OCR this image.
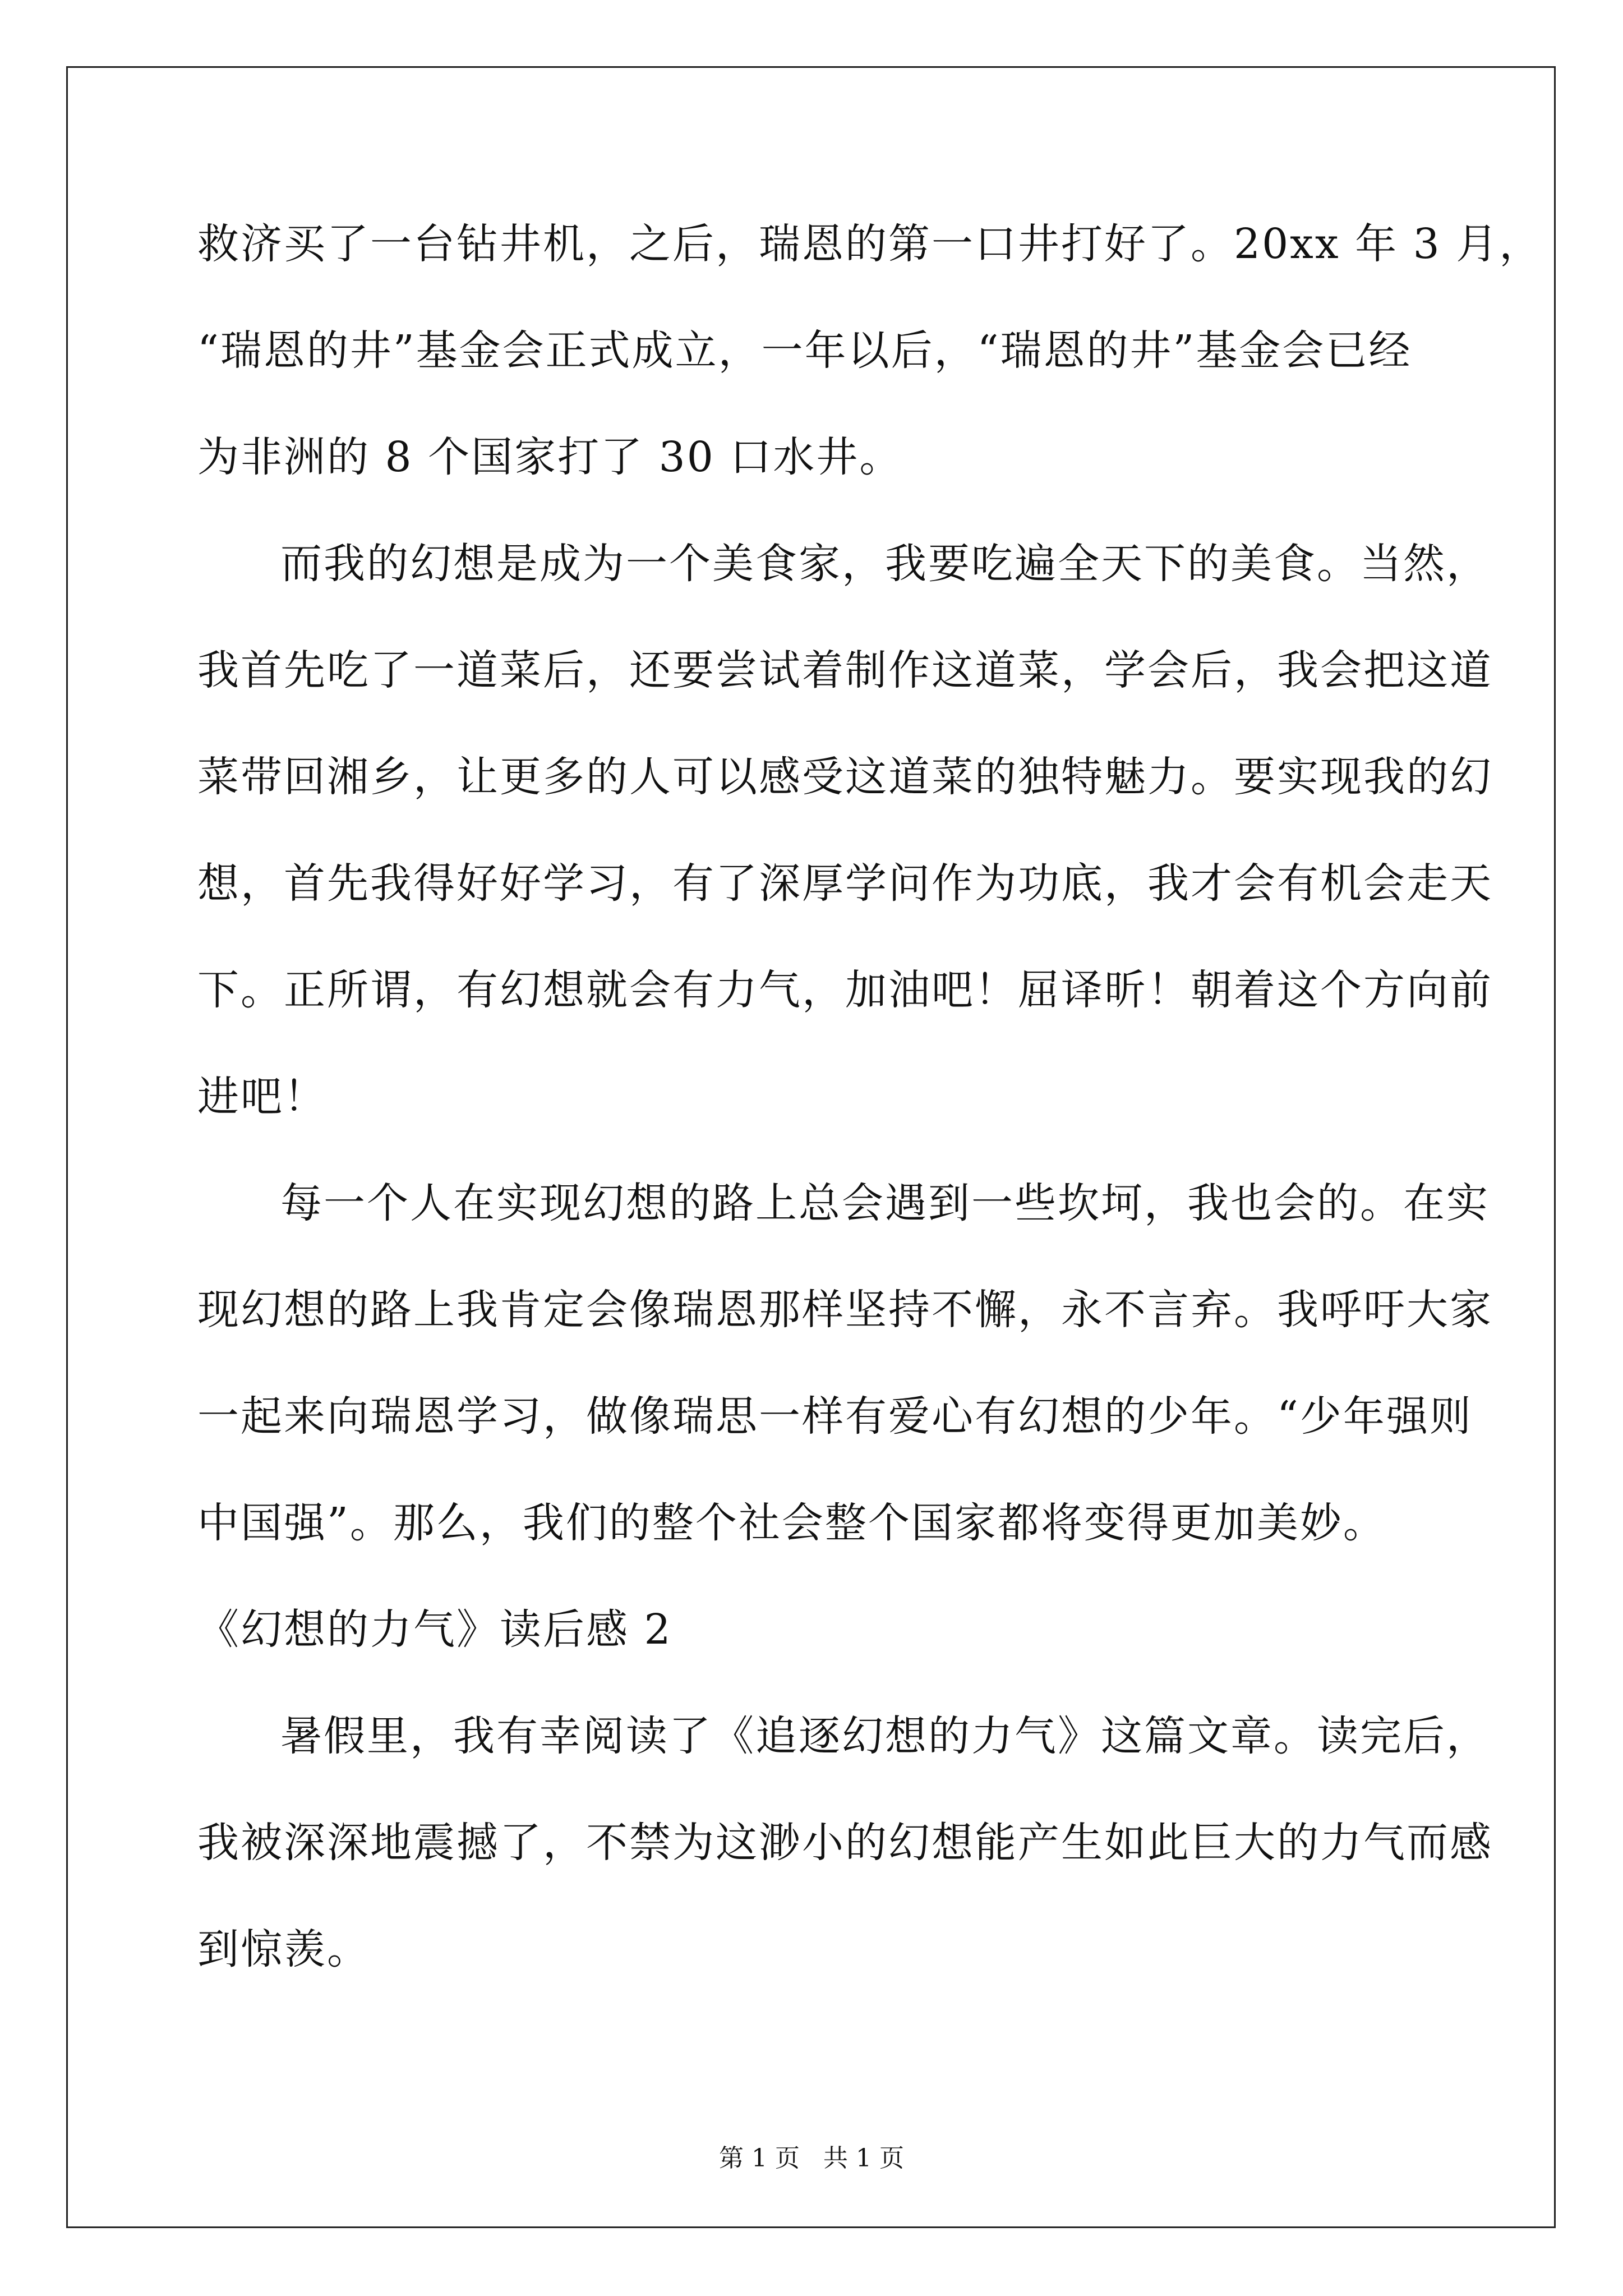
救济买了一台钻井机，之后，瑞恩的第一口井打好了。20xx 年 3 月，
“瑞恩的井”基金会正式成立，一年以后，“瑞恩的井”基金会已经
为非洲的 8 个国家打了 30 口水井。
而我的幻想是成为一个美食家，我要吃遍全天下的美食。当然，
我首先吃了一道菜后，还要尝试着制作这道菜，学会后，我会把这道
菜带回湘乡，让更多的人可以感受这道菜的独特魅力。要实现我的幻
想，首先我得好好学习，有了深厚学问作为功底，我才会有机会走天
下。正所谓，有幻想就会有力气，加油吧！屈译昕！朝着这个方向前
进吧！
每一个人在实现幻想的路上总会遇到一些坎坷，我也会的。在实
现幻想的路上我肯定会像瑞恩那样坚持不懈，永不言弃。我呼吁大家
一起来向瑞恩学习，做像瑞思一样有爱心有幻想的少年。“少年强则
中国强”。那么，我们的整个社会整个国家都将变得更加美妙。
《幻想的力气》读后感 2
暑假里，我有幸阅读了《追逐幻想的力气》这篇文章。读完后，
我被深深地震撼了，不禁为这渺小的幻想能产生如此巨大的力气而感
到惊羡。
第 1 页 共 1 页
